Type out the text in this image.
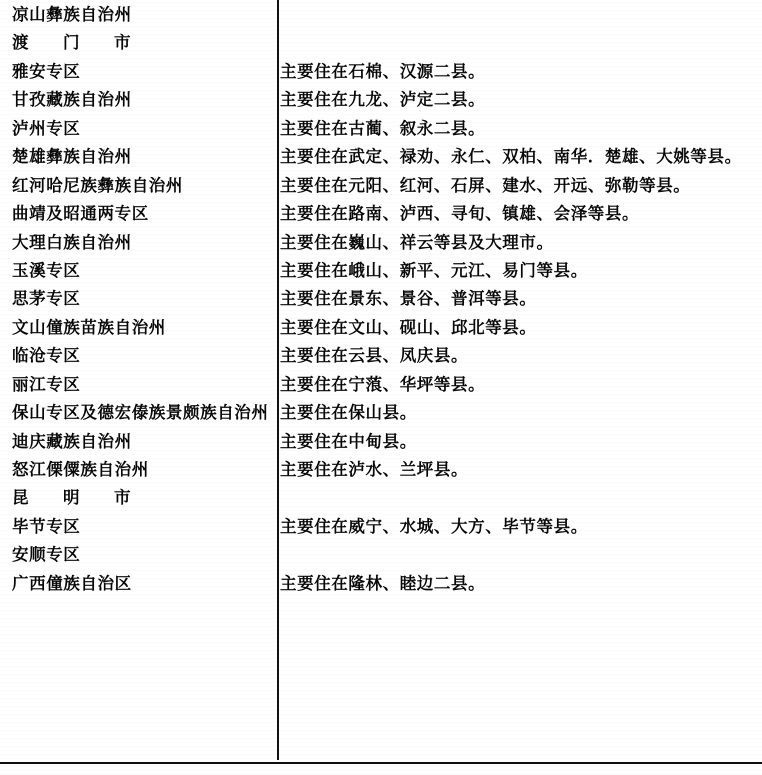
凉山彝族自治州	

渡　门　市	

雅安专区	主要住在石棉、汉源二县。

甘孜藏族自治州	主要住在九龙、泸定二县。

泸州专区	主要住在古蔺、叙永二县。

楚雄彝族自治州	主要住在武定、禄劝、永仁、双柏、南华．楚雄、大姚等县。

红河哈尼族彝族自治州	主要住在元阳、红河、石屏、建水、开远、弥勒等县。

曲靖及昭通两专区	主要住在路南、泸西、寻旬、镇雄、会泽等县。

大理白族自治州	主要住在巍山、祥云等县及大理市。

玉溪专区	主要住在峨山、新平、元江、易门等县。

思茅专区	主要住在景东、景谷、普洱等县。

文山僮族苗族自治州	主要住在文山、砚山、邱北等县。

临沧专区	主要住在云县、凤庆县。

丽江专区	主要住在宁蒗、华坪等县。

保山专区及德宏傣族景颇族自治州	主要住在保山县。

迪庆藏族自治州	主要住在中甸县。

怒江傈僳族自治州	主要住在泸水、兰坪县。

昆　明　市	

毕节专区	主要住在威宁、水城、大方、毕节等县。

安顺专区	

广西僮族自治区	主要住在隆林、睦边二县。
